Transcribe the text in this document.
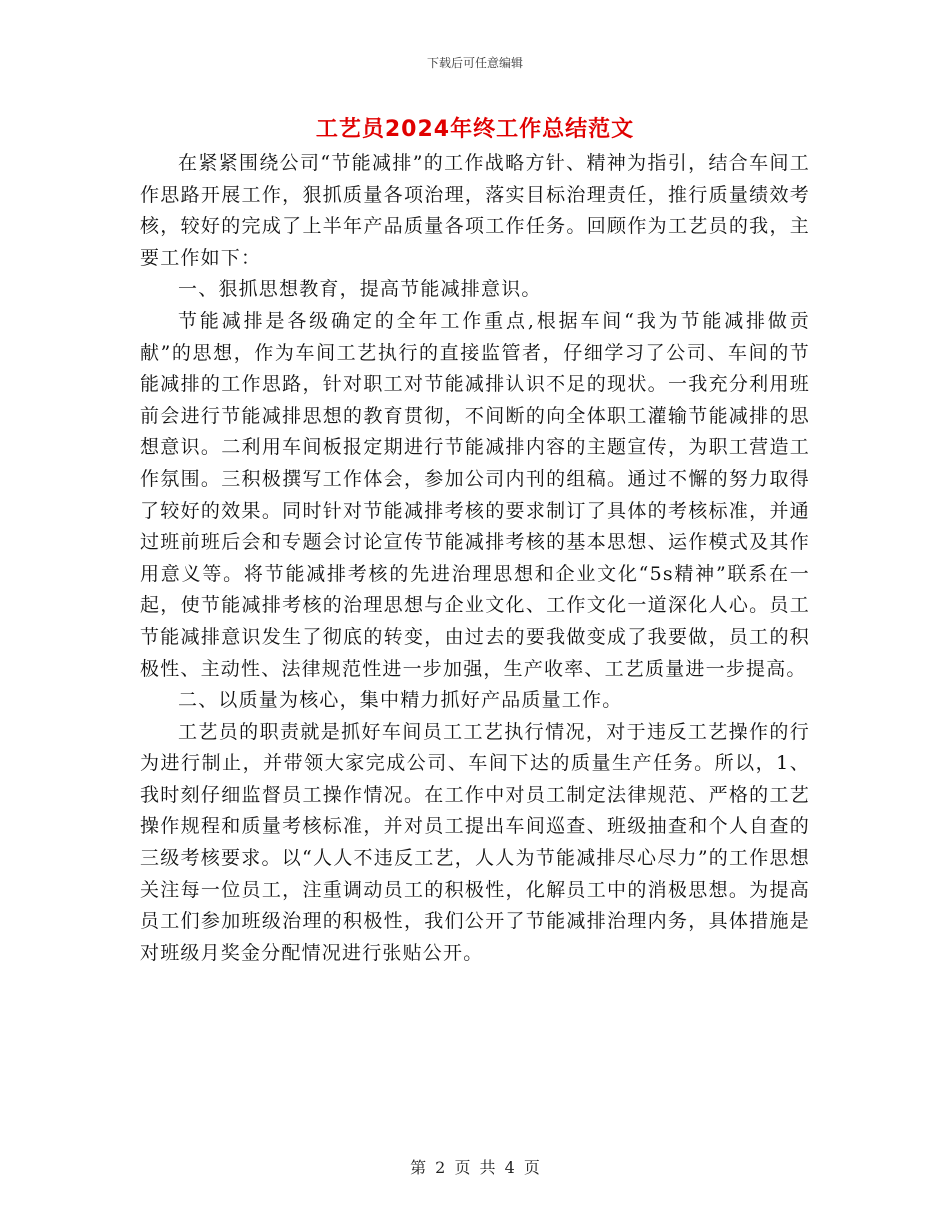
下载后可任意编辑
工艺员2024年终工作总结范文

在紧紧围绕公司“节能减排”的工作战略方针、精神为指引，结合车间工作思路开展工作，狠抓质量各项治理，落实目标治理责任，推行质量绩效考核，较好的完成了上半年产品质量各项工作任务。回顾作为工艺员的我，主要工作如下：

一、狠抓思想教育，提高节能减排意识。

节能减排是各级确定的全年工作重点,根据车间“我为节能减排做贡献”的思想，作为车间工艺执行的直接监管者，仔细学习了公司、车间的节能减排的工作思路，针对职工对节能减排认识不足的现状。一我充分利用班前会进行节能减排思想的教育贯彻，不间断的向全体职工灌输节能减排的思想意识。二利用车间板报定期进行节能减排内容的主题宣传，为职工营造工作氛围。三积极撰写工作体会，参加公司内刊的组稿。通过不懈的努力取得了较好的效果。同时针对节能减排考核的要求制订了具体的考核标准，并通过班前班后会和专题会讨论宣传节能减排考核的基本思想、运作模式及其作用意义等。将节能减排考核的先进治理思想和企业文化“5s精神”联系在一起，使节能减排考核的治理思想与企业文化、工作文化一道深化人心。员工节能减排意识发生了彻底的转变，由过去的要我做变成了我要做，员工的积极性、主动性、法律规范性进一步加强，生产收率、工艺质量进一步提高。

二、以质量为核心，集中精力抓好产品质量工作。

工艺员的职责就是抓好车间员工工艺执行情况，对于违反工艺操作的行为进行制止，并带领大家完成公司、车间下达的质量生产任务。所以，1、我时刻仔细监督员工操作情况。在工作中对员工制定法律规范、严格的工艺操作规程和质量考核标准，并对员工提出车间巡查、班级抽查和个人自查的三级考核要求。以“人人不违反工艺，人人为节能减排尽心尽力”的工作思想关注每一位员工，注重调动员工的积极性，化解员工中的消极思想。为提高员工们参加班级治理的积极性，我们公开了节能减排治理内务，具体措施是对班级月奖金分配情况进行张贴公开。

第 2 页 共 4 页
